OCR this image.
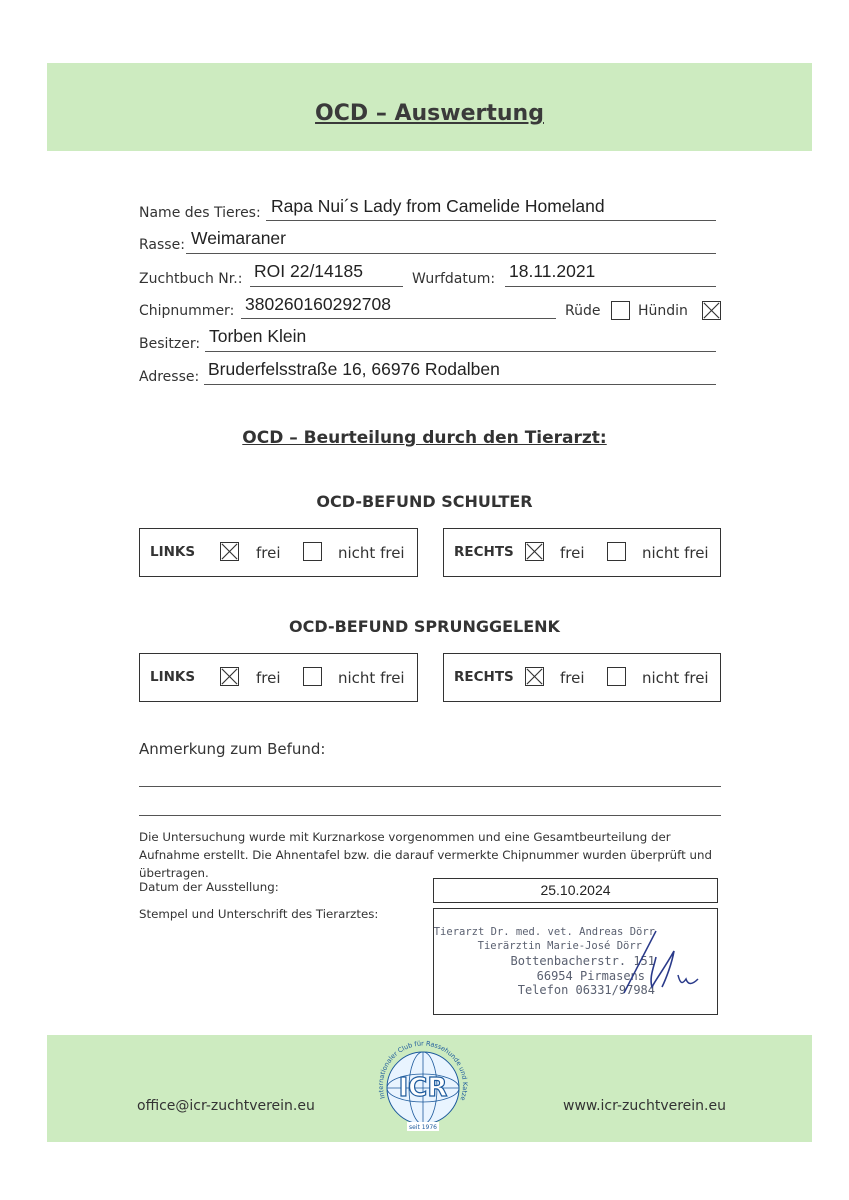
OCD – Auswertung
Name des Tieres: Rapa Nui´s Lady from Camelide Homeland
Rasse: Weimaraner
Zuchtbuch Nr.: ROI 22/14185	Wurfdatum: 18.11.2021
Chipnummer: 380260160292708	Rüde	Hündin
Besitzer: Torben Klein
Adresse: Bruderfelsstraße 16, 66976 Rodalben
OCD – Beurteilung durch den Tierarzt:
OCD-BEFUND SCHULTER
LINKS	frei	nicht frei	RECHTS	frei	nicht frei
OCD-BEFUND SPRUNGGELENK
LINKS	frei	nicht frei	RECHTS	frei	nicht frei
Anmerkung zum Befund:
Die Untersuchung wurde mit Kurznarkose vorgenommen und eine Gesamtbeurteilung der Aufnahme erstellt. Die Ahnentafel bzw. die darauf vermerkte Chipnummer wurden überprüft und übertragen.
Datum der Ausstellung:	25.10.2024
Stempel und Unterschrift des Tierarztes:
Tierarzt Dr. med. vet. Andreas Dörr
Tierärztin Marie-José Dörr
Bottenbacherstr. 151
66954 Pirmasens
Telefon 06331/97984
office@icr-zuchtverein.eu	www.icr-zuchtverein.eu
Internationaler Club für Rassehunde und Katze
ICR
seit 1976
